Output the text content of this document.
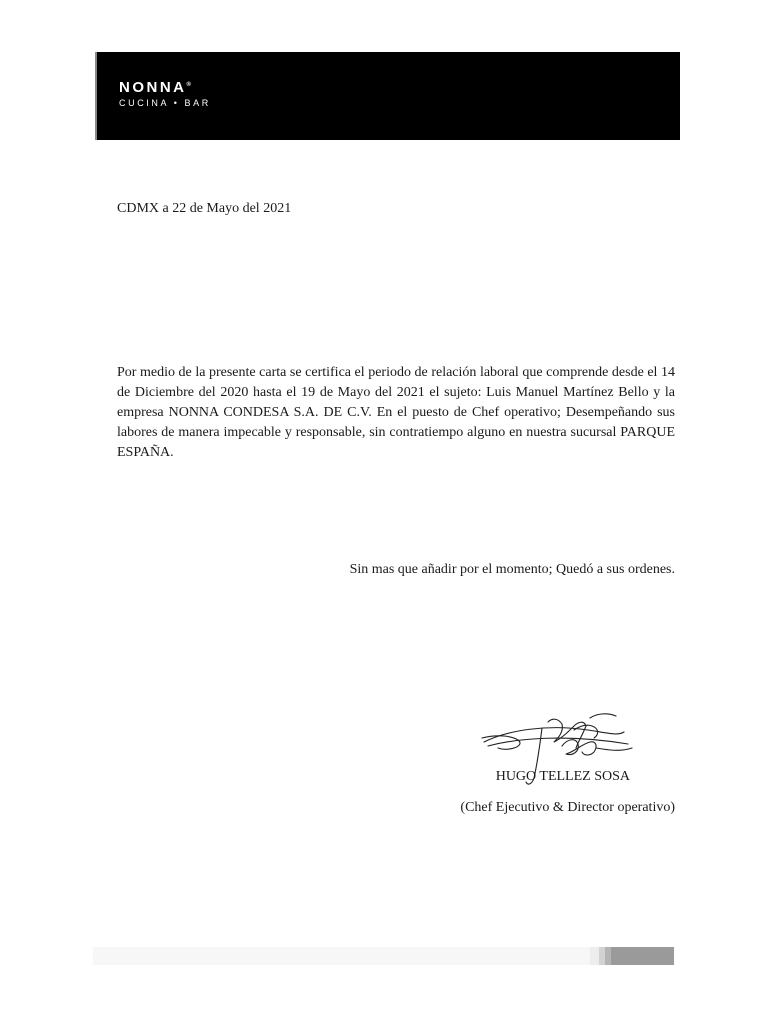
NONNA®
CUCINA • BAR
CDMX a 22 de Mayo del 2021
Por medio de la presente carta se certifica el periodo de relación laboral que comprende desde el 14 de Diciembre del 2020 hasta el 19 de Mayo del 2021 el sujeto: Luis Manuel Martínez Bello y la empresa NONNA CONDESA S.A. DE C.V. En el puesto de Chef operativo; Desempeñando sus labores de manera impecable y responsable, sin contratiempo alguno en nuestra sucursal PARQUE ESPAÑA.
Sin mas que añadir por el momento; Quedó a sus ordenes.
HUGO TELLEZ SOSA
(Chef Ejecutivo & Director operativo)
